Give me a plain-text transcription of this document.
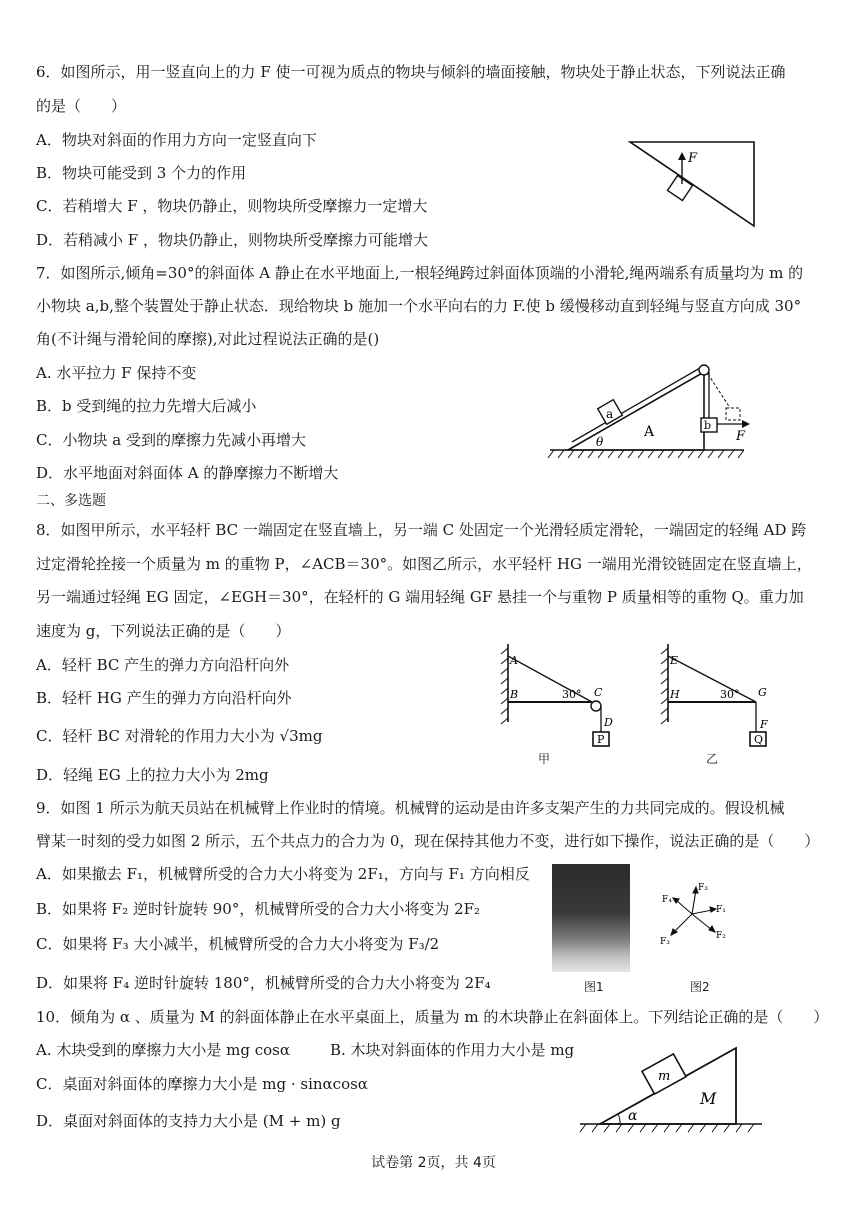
6．如图所示，用一竖直向上的力 F 使一可视为质点的物块与倾斜的墙面接触，物块处于静止状态，下列说法正确
的是（　　）
A．物块对斜面的作用力方向一定竖直向下
B．物块可能受到 3 个力的作用
C．若稍增大 F ，物块仍静止，则物块所受摩擦力一定增大
D．若稍减小 F ，物块仍静止，则物块所受摩擦力可能增大
F
7．如图所示,倾角=30°的斜面体 A 静止在水平地面上,一根轻绳跨过斜面体顶端的小滑轮,绳两端系有质量均为 m 的
小物块 a,b,整个装置处于静止状态．现给物块 b 施加一个水平向右的力 F.使 b 缓慢移动直到轻绳与竖直方向成 30°
角(不计绳与滑轮间的摩擦),对此过程说法正确的是()
A. 水平拉力 F 保持不变
B．b 受到绳的拉力先增大后减小
C．小物块 a 受到的摩擦力先减小再增大
D．水平地面对斜面体 A 的静摩擦力不断增大
a
b
F
A
θ
二、多选题
8．如图甲所示，水平轻杆 BC 一端固定在竖直墙上，另一端 C 处固定一个光滑轻质定滑轮，一端固定的轻绳 AD 跨
过定滑轮拴接一个质量为 m 的重物 P，∠ACB＝30°。如图乙所示，水平轻杆 HG 一端用光滑铰链固定在竖直墙上，
另一端通过轻绳 EG 固定，∠EGH＝30°，在轻杆的 G 端用轻绳 GF 悬挂一个与重物 P 质量相等的重物 Q。重力加
速度为 g，下列说法正确的是（　　）
A．轻杆 BC 产生的弹力方向沿杆向外
B．轻杆 HG 产生的弹力方向沿杆向外
C．轻杆 BC 对滑轮的作用力大小为 √3mg
D．轻绳 EG 上的拉力大小为 2mg
P
A
B	C
D
30°
甲
Q
E
H	G
F
30°
乙
9．如图 1 所示为航天员站在机械臂上作业时的情境。机械臂的运动是由许多支架产生的力共同完成的。假设机械
臂某一时刻的受力如图 2 所示，五个共点力的合力为 0，现在保持其他力不变，进行如下操作，说法正确的是（　　）
A．如果撤去 F₁，机械臂所受的合力大小将变为 2F₁，方向与 F₁ 方向相反
B．如果将 F₂ 逆时针旋转 90°，机械臂所受的合力大小将变为 2F₂
C．如果将 F₃ 大小减半，机械臂所受的合力大小将变为 F₃/2
D．如果将 F₄ 逆时针旋转 180°，机械臂所受的合力大小将变为 2F₄	图1
F₃
F₁
F₂
F₃
F₄
图2
10．倾角为 α 、质量为 M 的斜面体静止在水平桌面上，质量为 m 的木块静止在斜面体上。下列结论正确的是（　　）
A. 木块受到的摩擦力大小是 mg cosα	B. 木块对斜面体的作用力大小是 mg
C．桌面对斜面体的摩擦力大小是 mg · sinαcosα
D．桌面对斜面体的支持力大小是 (M + m) g
m
M
α
试卷第 2页，共 4页
